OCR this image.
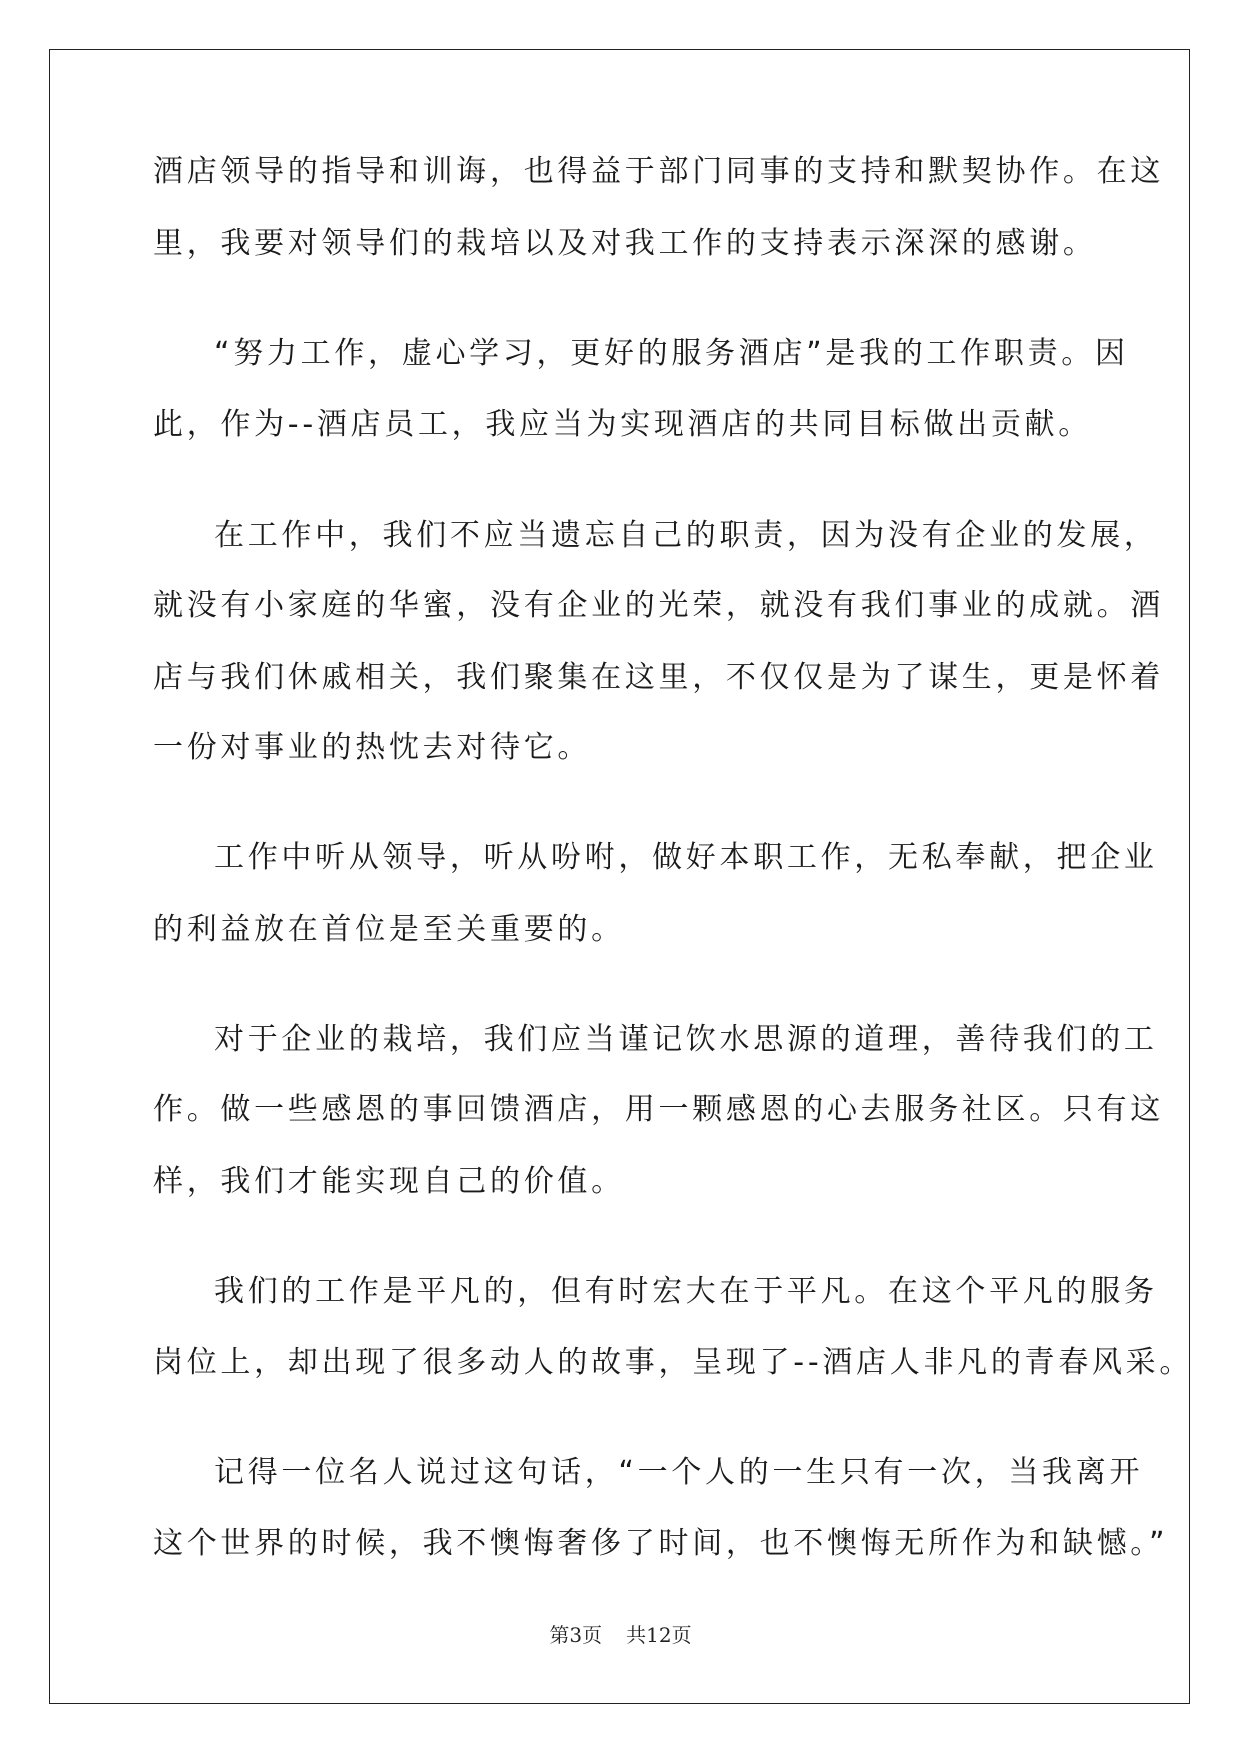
酒店领导的指导和训诲，也得益于部门同事的支持和默契协作。在这
里，我要对领导们的栽培以及对我工作的支持表示深深的感谢。
“努力工作，虚心学习，更好的服务酒店”是我的工作职责。因
此，作为--酒店员工，我应当为实现酒店的共同目标做出贡献。
在工作中，我们不应当遗忘自己的职责，因为没有企业的发展，
就没有小家庭的华蜜，没有企业的光荣，就没有我们事业的成就。酒
店与我们休戚相关，我们聚集在这里，不仅仅是为了谋生，更是怀着
一份对事业的热忱去对待它。
工作中听从领导，听从吩咐，做好本职工作，无私奉献，把企业
的利益放在首位是至关重要的。
对于企业的栽培，我们应当谨记饮水思源的道理，善待我们的工
作。做一些感恩的事回馈酒店，用一颗感恩的心去服务社区。只有这
样，我们才能实现自己的价值。
我们的工作是平凡的，但有时宏大在于平凡。在这个平凡的服务
岗位上，却出现了很多动人的故事，呈现了--酒店人非凡的青春风采。
记得一位名人说过这句话，“一个人的一生只有一次，当我离开
这个世界的时候，我不懊悔奢侈了时间，也不懊悔无所作为和缺憾。”
第3页 共12页
